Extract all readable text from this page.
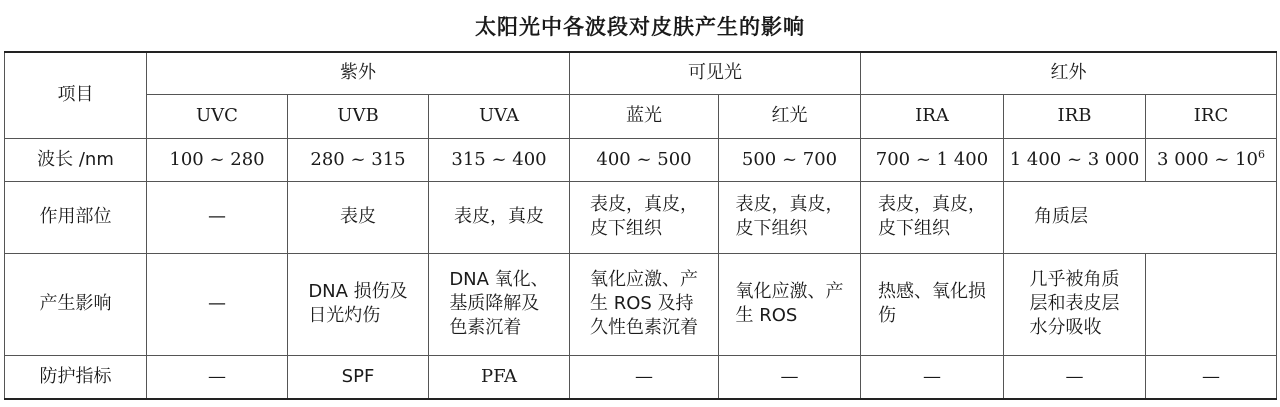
太阳光中各波段对皮肤产生的影响
项目	紫外			可见光		红外		
	UVC	UVB	UVA	蓝光	红光	IRA	IRB	IRC
波长 /nm	100 ~ 280	280 ~ 315	315 ~ 400	400 ~ 500	500 ~ 700	700 ~ 1 400	1 400 ~ 3 000	3 000 ~ $10^6$
作用部位	—	表皮	表皮，真皮	表皮，真皮，
皮下组织	表皮，真皮，
皮下组织	表皮，真皮，
皮下组织	角质层	
产生影响	—	DNA 损伤及
日光灼伤	DNA 氧化、
基质降解及
色素沉着	氧化应激、产
生 ROS 及持
久性色素沉着	氧化应激、产
生 ROS	热感、氧化损
伤	几乎被角质
层和表皮层
水分吸收	
防护指标	—	SPF	PFA	—	—	—	—	—
